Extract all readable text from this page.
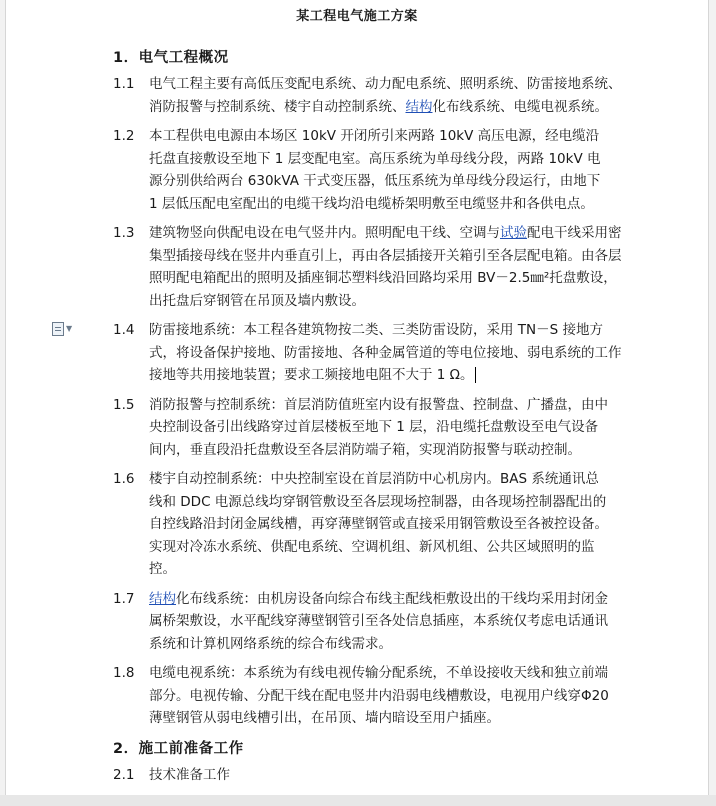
某工程电气施工方案
1．电气工程概况
1.1 电气工程主要有高低压变配电系统、动力配电系统、照明系统、防雷接地系统、消防报警与控制系统、楼宇自动控制系统、结构化布线系统、电缆电视系统。
1.2 本工程供电电源由本场区 10kV 开闭所引来两路 10kV 高压电源，经电缆沿托盘直接敷设至地下 1 层变配电室。高压系统为单母线分段，两路 10kV 电源分别供给两台 630kVA 干式变压器，低压系统为单母线分段运行，由地下 1 层低压配电室配出的电缆干线均沿电缆桥架明敷至电缆竖井和各供电点。
1.3 建筑物竖向供配电设在电气竖井内。照明配电干线、空调与试验配电干线采用密集型插接母线在竖井内垂直引上，再由各层插接开关箱引至各层配电箱。由各层照明配电箱配出的照明及插座铜芯塑料线沿回路均采用 BV－2.5㎜²托盘敷设，出托盘后穿钢管在吊顶及墙内敷设。
▼	1.4 防雷接地系统：本工程各建筑物按二类、三类防雷设防，采用 TN－S 接地方式，将设备保护接地、防雷接地、各种金属管道的等电位接地、弱电系统的工作接地等共用接地装置；要求工频接地电阻不大于 1 Ω。
1.5 消防报警与控制系统：首层消防值班室内设有报警盘、控制盘、广播盘，由中央控制设备引出线路穿过首层楼板至地下 1 层，沿电缆托盘敷设至电气设备间内，垂直段沿托盘敷设至各层消防端子箱，实现消防报警与联动控制。
1.6 楼宇自动控制系统：中央控制室设在首层消防中心机房内。BAS 系统通讯总线和 DDC 电源总线均穿钢管敷设至各层现场控制器，由各现场控制器配出的自控线路沿封闭金属线槽，再穿薄壁钢管或直接采用钢管敷设至各被控设备。实现对冷冻水系统、供配电系统、空调机组、新风机组、公共区域照明的监控。
1.7 结构化布线系统：由机房设备向综合布线主配线柜敷设出的干线均采用封闭金属桥架敷设，水平配线穿薄壁钢管引至各处信息插座，本系统仅考虑电话通讯系统和计算机网络系统的综合布线需求。
1.8 电缆电视系统：本系统为有线电视传输分配系统，不单设接收天线和独立前端部分。电视传输、分配干线在配电竖井内沿弱电线槽敷设，电视用户线穿Φ20 薄壁钢管从弱电线槽引出，在吊顶、墙内暗设至用户插座。
2．施工前准备工作
2.1 技术准备工作
